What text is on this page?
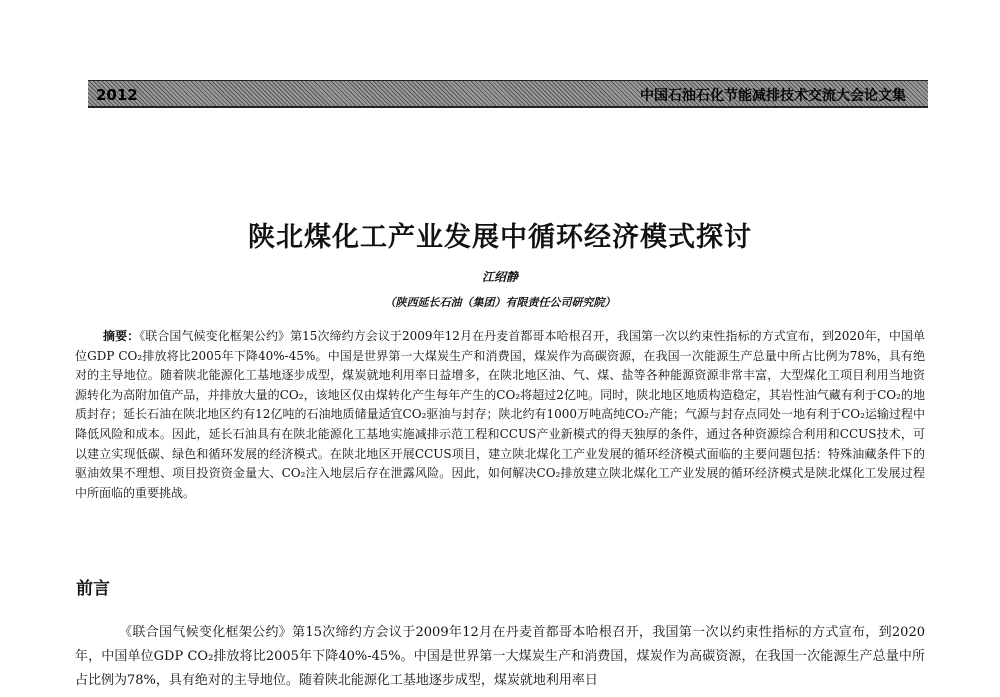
2012	中国石油石化节能减排技术交流大会论文集
陕北煤化工产业发展中循环经济模式探讨
江绍静
（陕西延长石油（集团）有限责任公司研究院）
摘要：《联合国气候变化框架公约》第15次缔约方会议于2009年12月在丹麦首都哥本哈根召开，我国第一次以约束性指标的方式宣布，到2020年，中国单位GDP CO₂排放将比2005年下降40%-45%。中国是世界第一大煤炭生产和消费国，煤炭作为高碳资源，在我国一次能源生产总量中所占比例为78%，具有绝对的主导地位。随着陕北能源化工基地逐步成型，煤炭就地利用率日益增多，在陕北地区油、气、煤、盐等各种能源资源非常丰富，大型煤化工项目利用当地资源转化为高附加值产品，并排放大量的CO₂，该地区仅由煤转化产生每年产生的CO₂将超过2亿吨。同时，陕北地区地质构造稳定，其岩性油气藏有利于CO₂的地质封存；延长石油在陕北地区约有12亿吨的石油地质储量适宜CO₂驱油与封存；陕北约有1000万吨高纯CO₂产能；气源与封存点同处一地有利于CO₂运输过程中降低风险和成本。因此，延长石油具有在陕北能源化工基地实施减排示范工程和CCUS产业新模式的得天独厚的条件，通过各种资源综合利用和CCUS技术，可以建立实现低碳、绿色和循环发展的经济模式。在陕北地区开展CCUS项目，建立陕北煤化工产业发展的循环经济模式面临的主要问题包括：特殊油藏条件下的驱油效果不理想、项目投资资金量大、CO₂注入地层后存在泄露风险。因此，如何解决CO₂排放建立陕北煤化工产业发展的循环经济模式是陕北煤化工发展过程中所面临的重要挑战。
前言
《联合国气候变化框架公约》第15次缔约方会议于2009年12月在丹麦首都哥本哈根召开，我国第一次以约束性指标的方式宣布，到2020年，中国单位GDP CO₂排放将比2005年下降40%-45%。中国是世界第一大煤炭生产和消费国，煤炭作为高碳资源，在我国一次能源生产总量中所占比例为78%，具有绝对的主导地位。随着陕北能源化工基地逐步成型，煤炭就地利用率日
